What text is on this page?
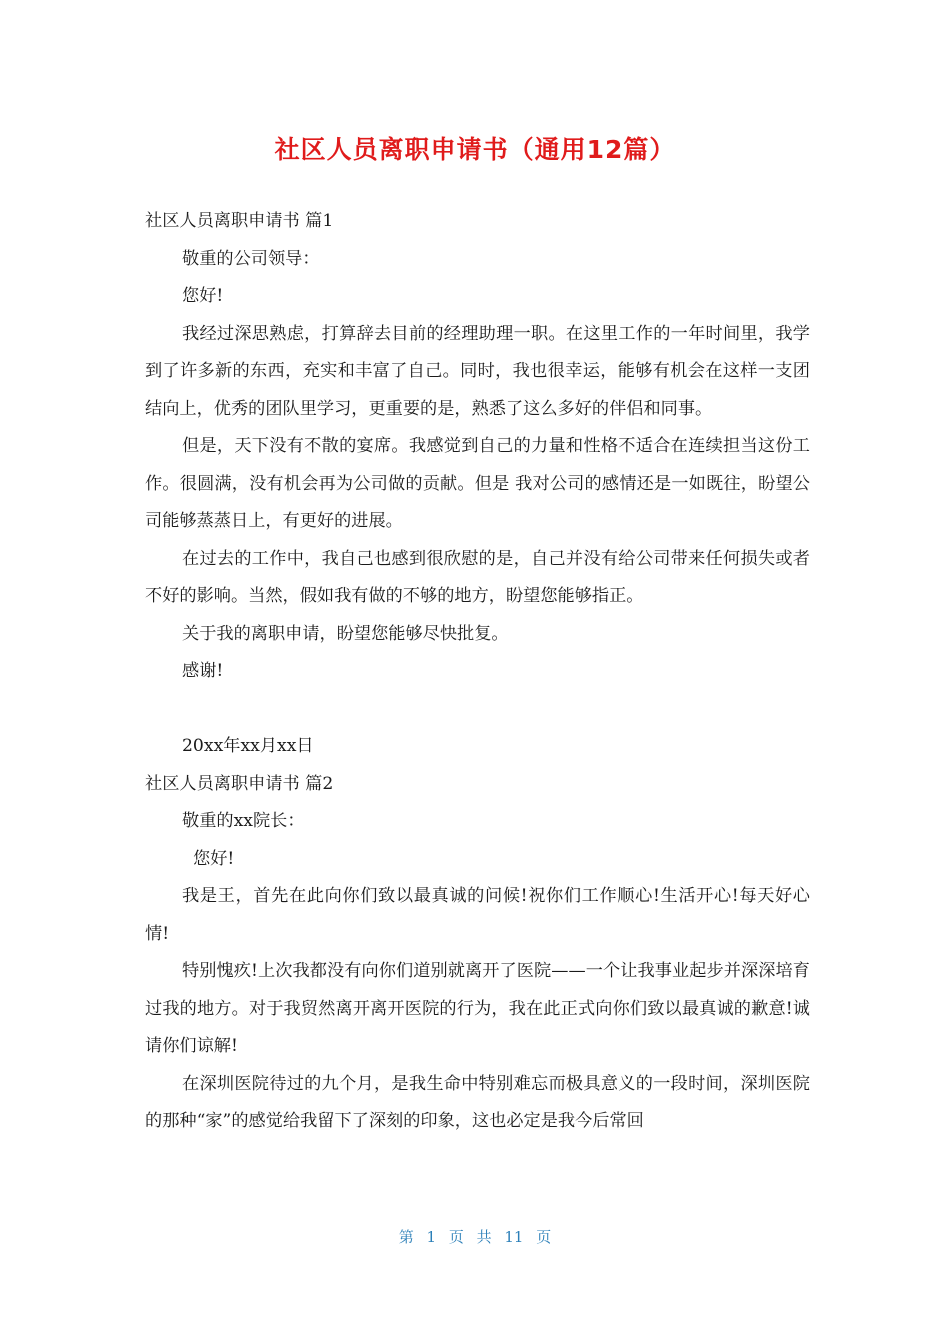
社区人员离职申请书（通用12篇）

社区人员离职申请书 篇1

敬重的公司领导：

您好!

我经过深思熟虑，打算辞去目前的经理助理一职。在这里工作的一年时间里，我学到了许多新的东西，充实和丰富了自己。同时，我也很幸运，能够有机会在这样一支团结向上，优秀的团队里学习，更重要的是，熟悉了这么多好的伴侣和同事。

但是，天下没有不散的宴席。我感觉到自己的力量和性格不适合在连续担当这份工作。很圆满，没有机会再为公司做的贡献。但是 我对公司的感情还是一如既往，盼望公司能够蒸蒸日上，有更好的进展。

在过去的工作中，我自己也感到很欣慰的是，自己并没有给公司带来任何损失或者不好的影响。当然，假如我有做的不够的地方，盼望您能够指正。

关于我的离职申请，盼望您能够尽快批复。

感谢!

20xx年xx月xx日

社区人员离职申请书 篇2

敬重的xx院长：

您好!

我是王，首先在此向你们致以最真诚的问候!祝你们工作顺心!生活开心!每天好心情!

特别愧疚!上次我都没有向你们道别就离开了医院——一个让我事业起步并深深培育过我的地方。对于我贸然离开离开医院的行为，我在此正式向你们致以最真诚的歉意!诚请你们谅解!

在深圳医院待过的九个月，是我生命中特别难忘而极具意义的一段时间，深圳医院的那种“家”的感觉给我留下了深刻的印象，这也必定是我今后常回

第 1 页 共 11 页
